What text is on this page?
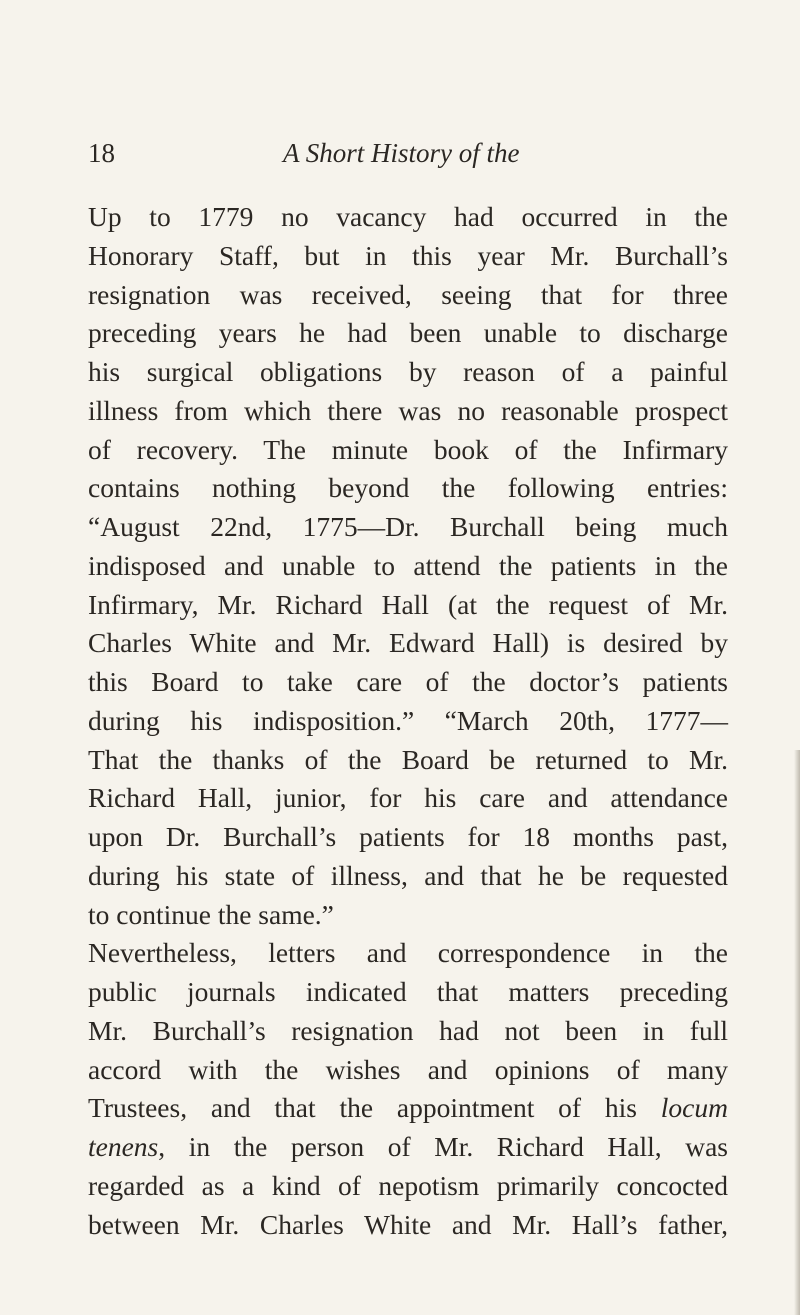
18	A Short History of the
Up to 1779 no vacancy had occurred in the
Honorary Staff, but in this year Mr. Burchall’s
resignation was received, seeing that for three
preceding years he had been unable to discharge
his surgical obligations by reason of a painful
illness from which there was no reasonable prospect
of recovery. The minute book of the Infirmary
contains nothing beyond the following entries:
“August 22nd, 1775—Dr. Burchall being much
indisposed and unable to attend the patients in the
Infirmary, Mr. Richard Hall (at the request of Mr.
Charles White and Mr. Edward Hall) is desired by
this Board to take care of the doctor’s patients
during his indisposition.” “March 20th, 1777—
That the thanks of the Board be returned to Mr.
Richard Hall, junior, for his care and attendance
upon Dr. Burchall’s patients for 18 months past,
during his state of illness, and that he be requested
to continue the same.”
Nevertheless, letters and correspondence in the
public journals indicated that matters preceding
Mr. Burchall’s resignation had not been in full
accord with the wishes and opinions of many
Trustees, and that the appointment of his locum
tenens, in the person of Mr. Richard Hall, was
regarded as a kind of nepotism primarily concocted
between Mr. Charles White and Mr. Hall’s father,
